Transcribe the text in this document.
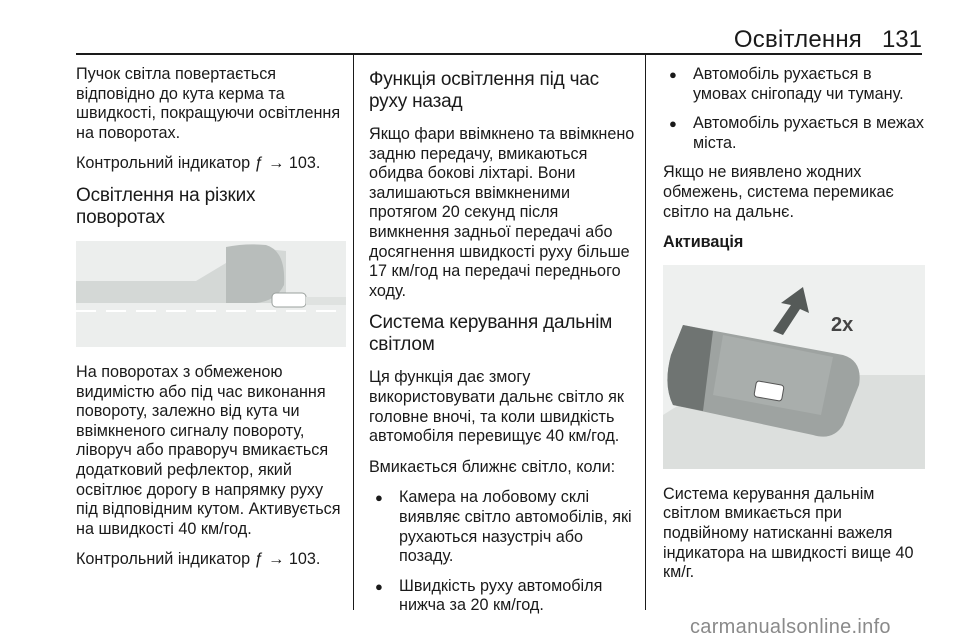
Освітлення 131

Пучок світла повертається відповідно до кута керма та швидкості, покращуючи освітлення на поворотах.

Контрольний індикатор ƒ → 103.

Освітлення на різких поворотах

На поворотах з обмеженою видимістю або під час виконання повороту, залежно від кута чи ввімкненого сигналу повороту, ліворуч або праворуч вмикається додатковий рефлектор, який освітлює дорогу в напрямку руху під відповідним кутом. Активується на швидкості 40 км/год.

Контрольний індикатор ƒ → 103.

Функція освітлення під час руху назад

Якщо фари ввімкнено та ввімкнено задню передачу, вмикаються обидва бокові ліхтарі. Вони залишаються ввімкненими протягом 20 секунд після вимкнення задньої передачі або досягнення швидкості руху більше 17 км/год на передачі переднього ходу.

Система керування дальнім світлом

Ця функція дає змогу використовувати дальнє світло як головне вночі, та коли швидкість автомобіля перевищує 40 км/год.

Вмикається ближнє світло, коли:

● Камера на лобовому склі виявляє світло автомобілів, які рухаються назустріч або позаду.
● Швидкість руху автомобіля нижча за 20 км/год.
● Автомобіль рухається в умовах снігопаду чи туману.
● Автомобіль рухається в межах міста.

Якщо не виявлено жодних обмежень, система перемикає світло на дальнє.

Активація
2x

Система керування дальнім світлом вмикається при подвійному натисканні важеля індикатора на швидкості вище 40 км/г.

carmanualsonline.info
